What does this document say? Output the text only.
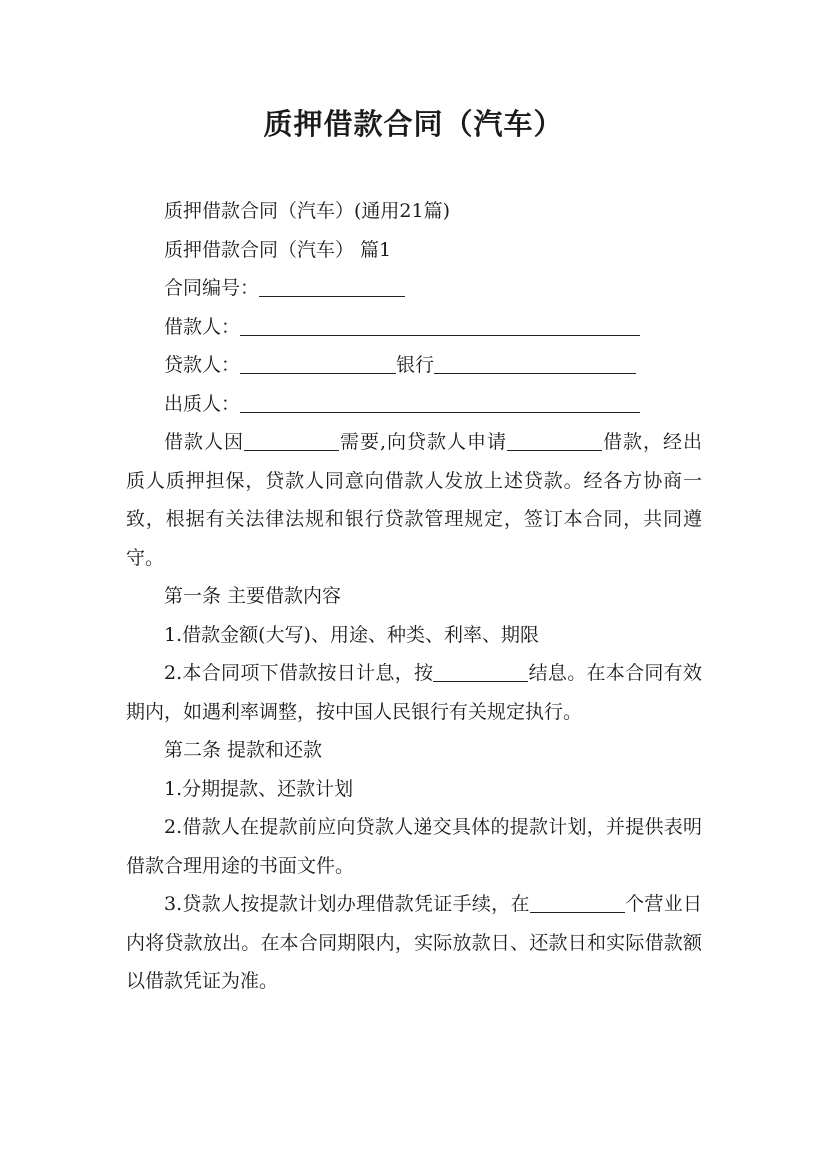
质押借款合同（汽车）

质押借款合同（汽车）(通用21篇)

质押借款合同（汽车） 篇1

合同编号：

借款人：

贷款人：	银行

出质人：

借款人因	需要,向贷款人申请	借款，经出质人质押担保，贷款人同意向借款人发放上述贷款。经各方协商一致，根据有关法律法规和银行贷款管理规定，签订本合同，共同遵守。

第一条 主要借款内容

1.借款金额(大写)、用途、种类、利率、期限

2.本合同项下借款按日计息，按	结息。在本合同有效期内，如遇利率调整，按中国人民银行有关规定执行。

第二条 提款和还款

1.分期提款、还款计划

2.借款人在提款前应向贷款人递交具体的提款计划，并提供表明借款合理用途的书面文件。

3.贷款人按提款计划办理借款凭证手续，在	个营业日内将贷款放出。在本合同期限内，实际放款日、还款日和实际借款额以借款凭证为准。
